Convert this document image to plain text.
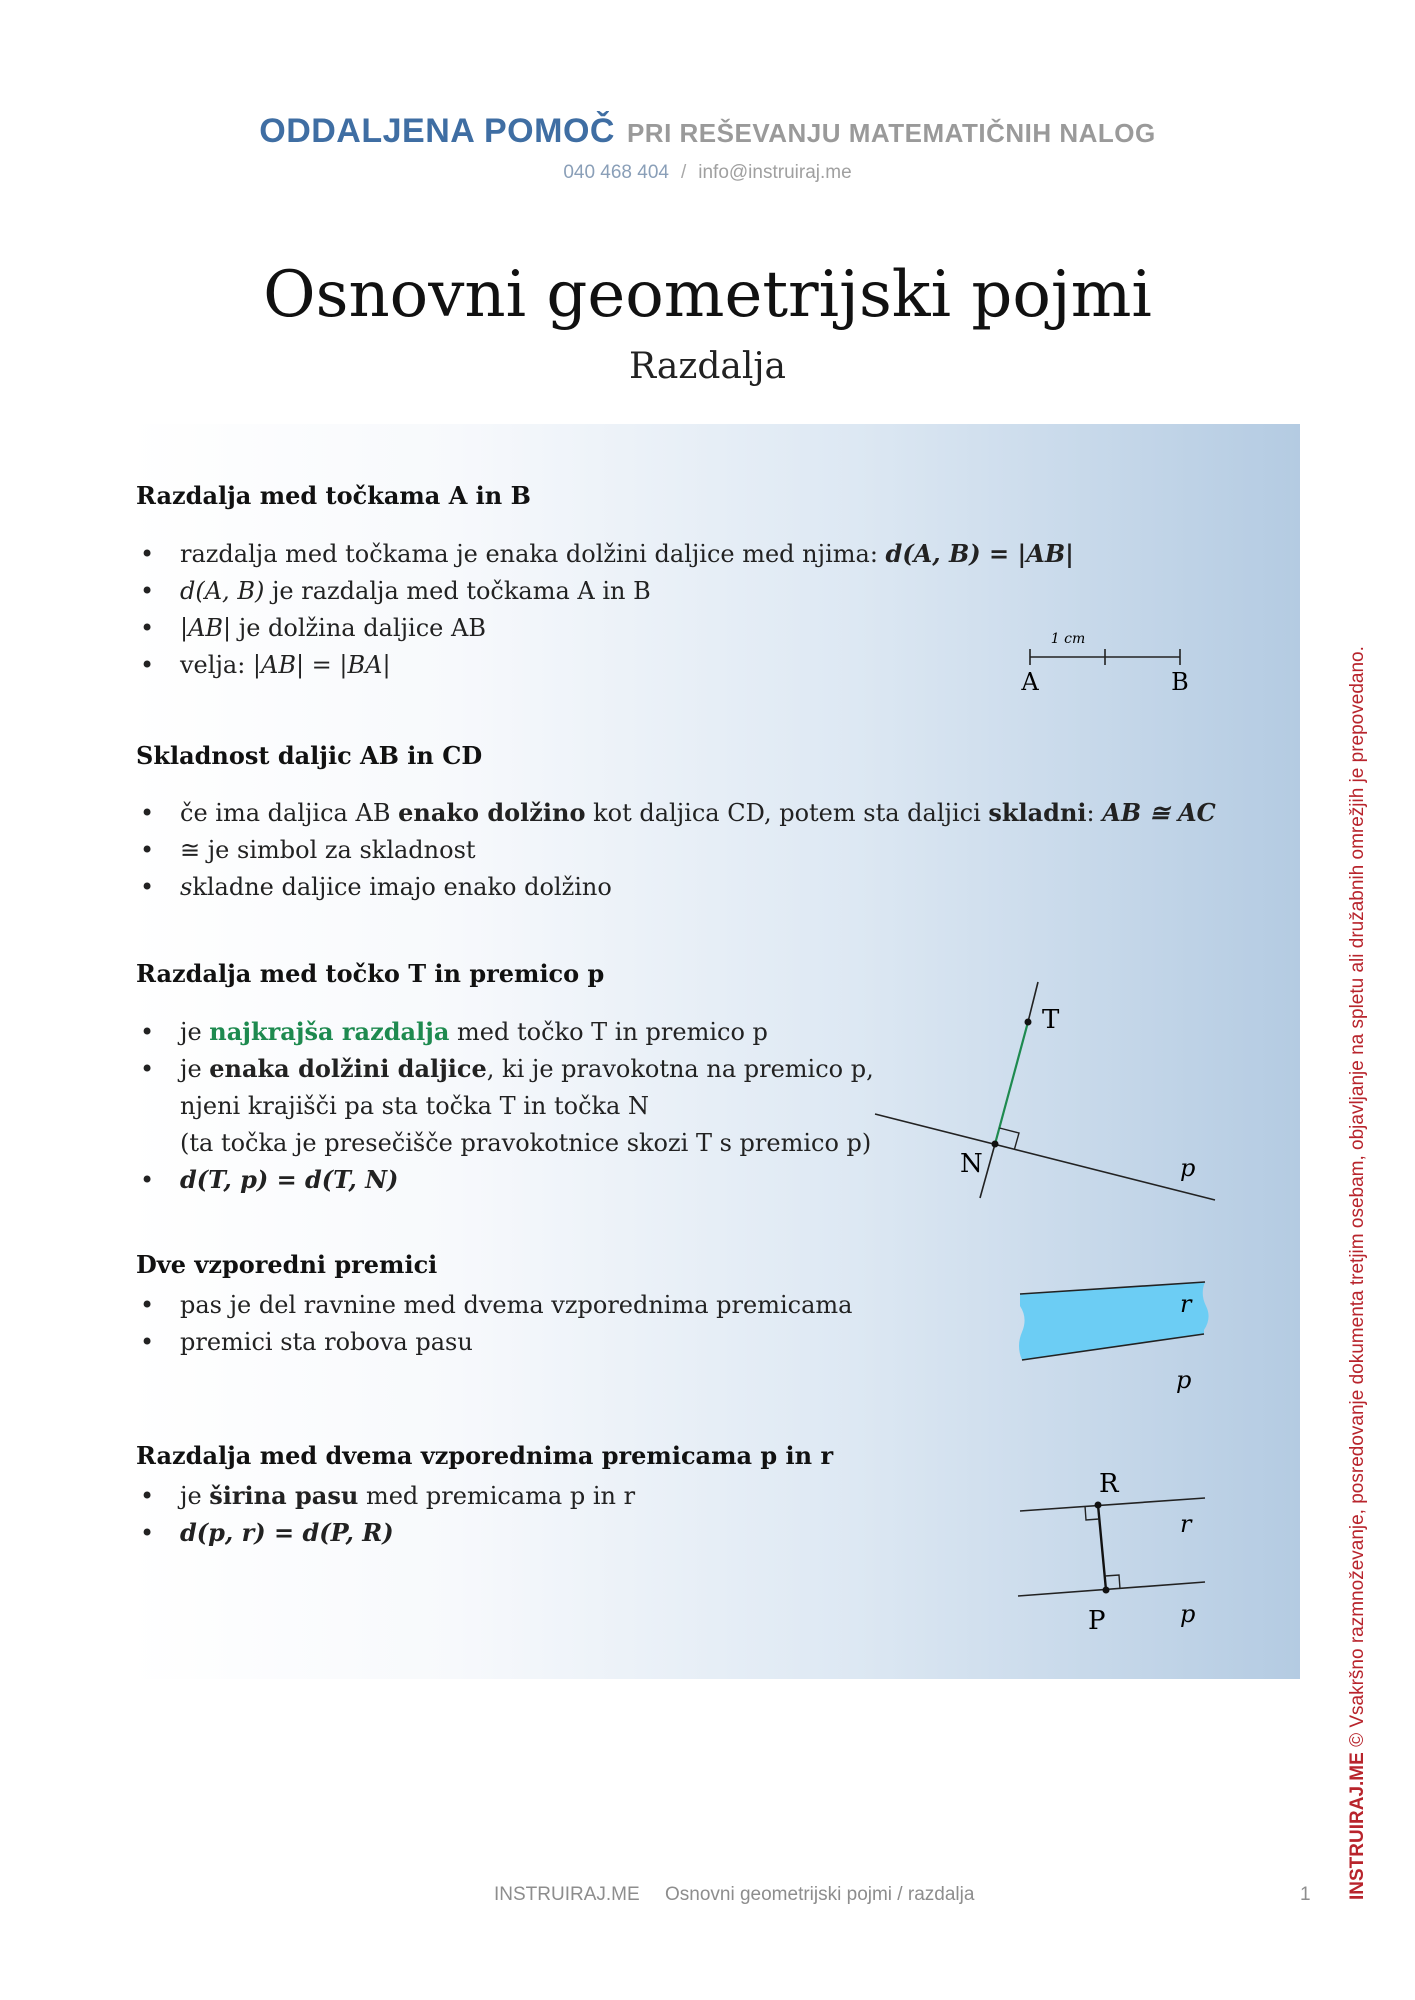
ODDALJENA POMOČ PRI REŠEVANJU MATEMATIČNIH NALOG
040 468 404 / info@instruiraj.me
Osnovni geometrijski pojmi
Razdalja
Razdalja med točkama A in B
• razdalja med točkama je enaka dolžini daljice med njima: d(A, B) = |AB|
• d(A, B) je razdalja med točkama A in B
• |AB| je dolžina daljice AB
• velja: |AB| = |BA|
1 cm
A	B
Skladnost daljic AB in CD
• če ima daljica AB enako dolžino kot daljica CD, potem sta daljici skladni: AB ≅ AC
• ≅ je simbol za skladnost
• skladne daljice imajo enako dolžino
Razdalja med točko T in premico p
• je najkrajša razdalja med točko T in premico p
• je enaka dolžini daljice, ki je pravokotna na premico p,
njeni krajišči pa sta točka T in točka N
(ta točka je presečišče pravokotnice skozi T s premico p)
• d(T, p) = d(T, N)
T
N	p
Dve vzporedni premici
• pas je del ravnine med dvema vzporednima premicama
• premici sta robova pasu
r
p
Razdalja med dvema vzporednima premicama p in r
• je širina pasu med premicama p in r
• d(p, r) = d(P, R)
R
r
P	p
INSTRUIRAJ.ME Osnovni geometrijski pojmi / razdalja	1 INSTRUIRAJ.ME © Vsakršno razmnoževanje, posredovanje dokumenta tretjim osebam, objavljanje na spletu ali družabnih omrežjih je prepovedano.
